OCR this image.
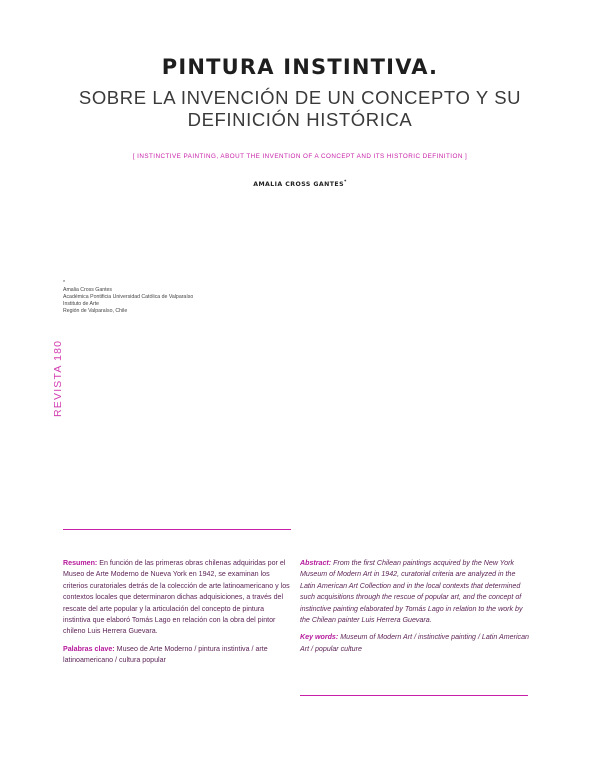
PINTURA INSTINTIVA.
SOBRE LA INVENCIÓN DE UN CONCEPTO Y SU
DEFINICIÓN HISTÓRICA
[ INSTINCTIVE PAINTING, ABOUT THE INVENTION OF A CONCEPT AND ITS HISTORIC DEFINITION ]
AMALIA CROSS GANTES*
*
Amalia Cross Gantes
Académica Pontificia Universidad Católica de Valparaíso
Instituto de Arte
Región de Valparaíso, Chile
REVISTA 180

Resumen: En función de las primeras obras chilenas adquiridas por el Museo de Arte Moderno de Nueva York en 1942, se examinan los criterios curatoriales detrás de la colección de arte latinoamericano y los contextos locales que determinaron dichas adquisiciones, a través del rescate del arte popular y la articulación del concepto de pintura instintiva que elaboró Tomás Lago en relación con la obra del pintor chileno Luis Herrera Guevara.

Palabras clave: Museo de Arte Moderno / pintura instintiva / arte latinoamericano / cultura popular

Abstract: From the first Chilean paintings acquired by the New York Museum of Modern Art in 1942, curatorial criteria are analyzed in the Latin American Art Collection and in the local contexts that determined such acquisitions through the rescue of popular art, and the concept of instinctive painting elaborated by Tomás Lago in relation to the work by the Chilean painter Luis Herrera Guevara.

Key words: Museum of Modern Art / instinctive painting / Latin American Art / popular culture
